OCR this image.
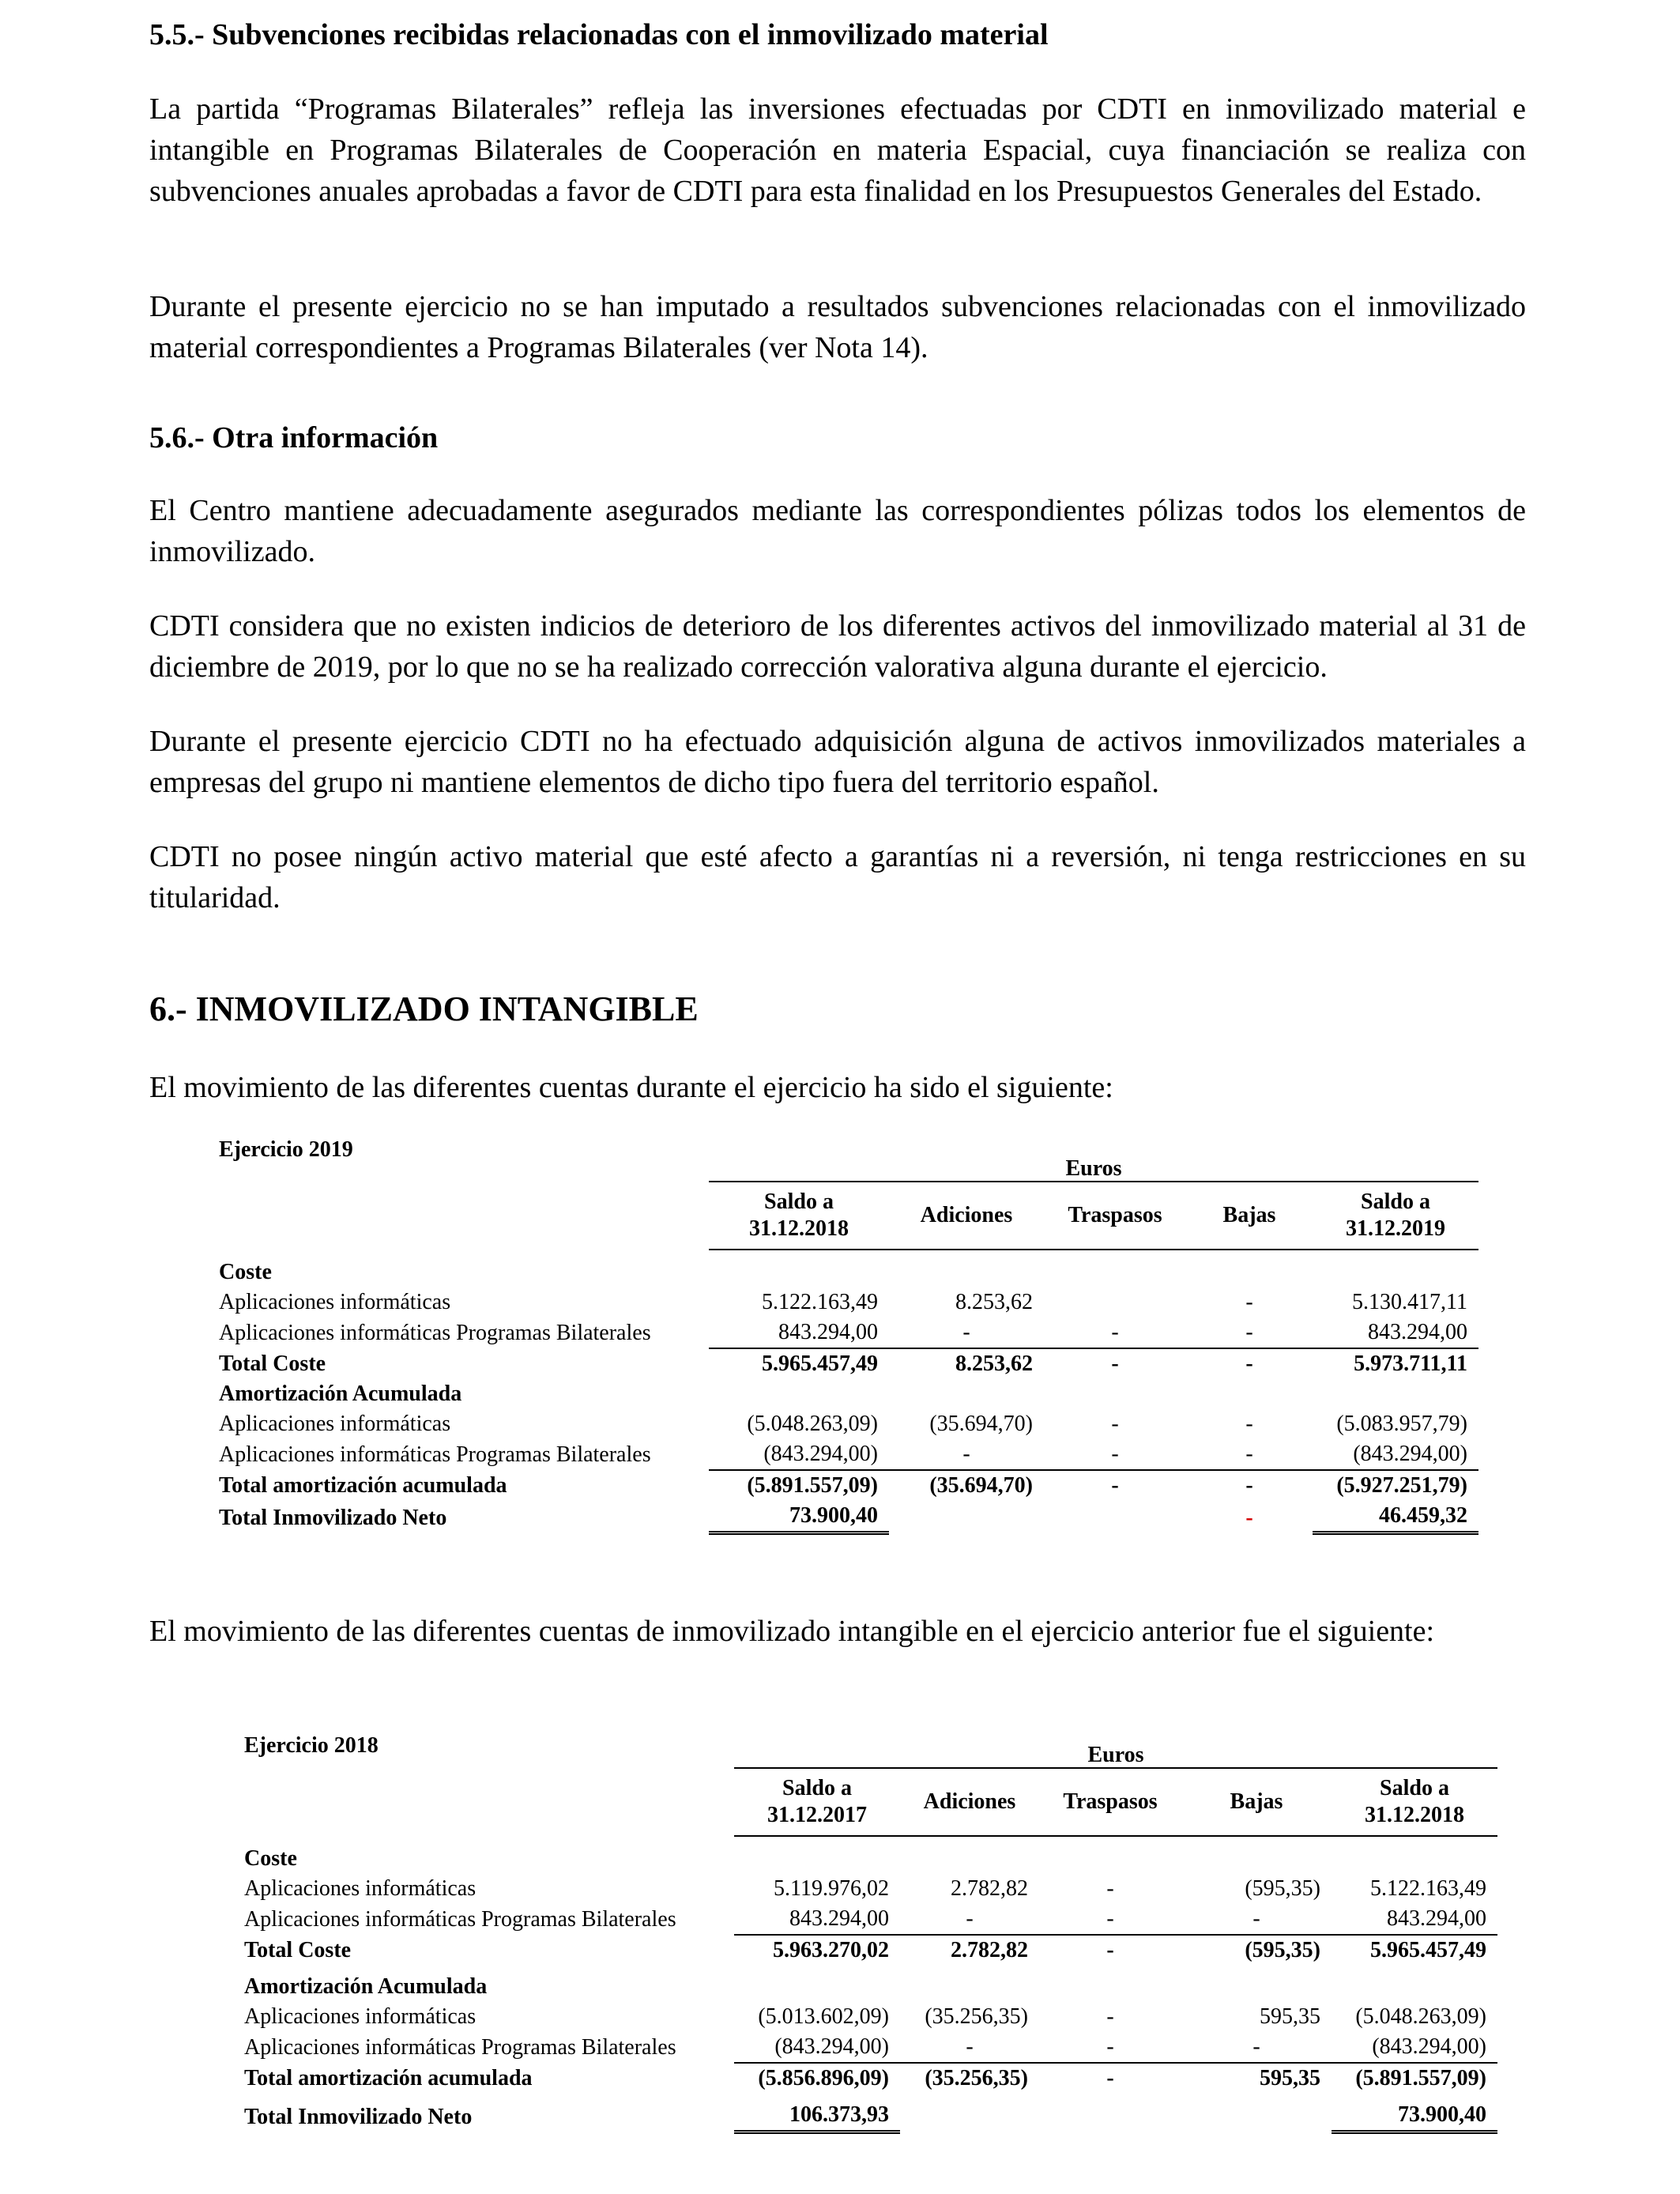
5.5.- Subvenciones recibidas relacionadas con el inmovilizado material
La partida “Programas Bilaterales” refleja las inversiones efectuadas por CDTI en inmovilizado material e intangible en Programas Bilaterales de Cooperación en materia Espacial, cuya financiación se realiza con subvenciones anuales aprobadas a favor de CDTI para esta finalidad en los Presupuestos Generales del Estado.
Durante el presente ejercicio no se han imputado a resultados subvenciones relacionadas con el inmovilizado material correspondientes a Programas Bilaterales (ver Nota 14).
5.6.- Otra información
El Centro mantiene adecuadamente asegurados mediante las correspondientes pólizas todos los elementos de inmovilizado.
CDTI considera que no existen indicios de deterioro de los diferentes activos del inmovilizado material al 31 de diciembre de 2019, por lo que no se ha realizado corrección valorativa alguna durante el ejercicio.
Durante el presente ejercicio CDTI no ha efectuado adquisición alguna de activos inmovilizados materiales a empresas del grupo ni mantiene elementos de dicho tipo fuera del territorio español.
CDTI no posee ningún activo material que esté afecto a garantías ni a reversión, ni tenga restricciones en su titularidad.
6.- INMOVILIZADO INTANGIBLE
El movimiento de las diferentes cuentas durante el ejercicio ha sido el siguiente:
Ejercicio 2019	Euros				
	Saldo a
31.12.2018	Adiciones	Traspasos	Bajas	Saldo a
31.12.2019
Coste					
Aplicaciones informáticas	5.122.163,49	8.253,62		-	5.130.417,11
Aplicaciones informáticas Programas Bilaterales	843.294,00	-	-	-	843.294,00
Total Coste	5.965.457,49	8.253,62	-	-	5.973.711,11
Amortización Acumulada					
Aplicaciones informáticas	(5.048.263,09)	(35.694,70)	-	-	(5.083.957,79)
Aplicaciones informáticas Programas Bilaterales	(843.294,00)	-	-	-	(843.294,00)
Total amortización acumulada	(5.891.557,09)	(35.694,70)	-	-	(5.927.251,79)
Total Inmovilizado Neto	73.900,40			-	46.459,32
El movimiento de las diferentes cuentas de inmovilizado intangible en el ejercicio anterior fue el siguiente:
Ejercicio 2018	Euros				
	Saldo a
31.12.2017	Adiciones	Traspasos	Bajas	Saldo a
31.12.2018
Coste					
Aplicaciones informáticas	5.119.976,02	2.782,82	-	(595,35)	5.122.163,49
Aplicaciones informáticas Programas Bilaterales	843.294,00	-	-	-	843.294,00
Total Coste	5.963.270,02	2.782,82	-	(595,35)	5.965.457,49
Amortización Acumulada					
Aplicaciones informáticas	(5.013.602,09)	(35.256,35)	-	595,35	(5.048.263,09)
Aplicaciones informáticas Programas Bilaterales	(843.294,00)	-	-	-	(843.294,00)
Total amortización acumulada	(5.856.896,09)	(35.256,35)	-	595,35	(5.891.557,09)
Total Inmovilizado Neto	106.373,93				73.900,40
